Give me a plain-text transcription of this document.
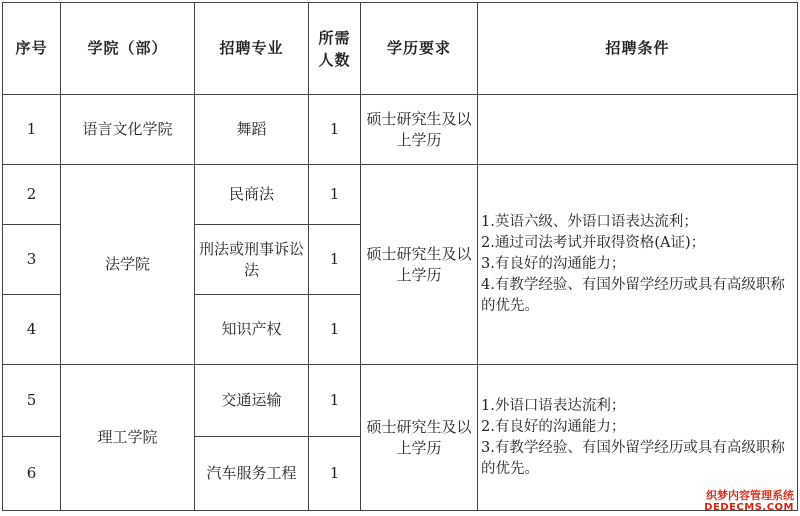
序号	学院（部）	招聘专业	所需人数	学历要求	招聘条件
1	语言文化学院	舞蹈	1	硕士研究生及以上学历	

2	法学院	民商法	1	硕士研究生及以上学历	1.英语六级、外语口语表达流利；
2.通过司法考试并取得资格(A证)；
3.有良好的沟通能力；
4.有教学经验、有国外留学经历或具有高级职称的优先。

3		刑法或刑事诉讼法	1		
4		知识产权	1		
5	理工学院	交通运输	1	硕士研究生及以上学历	1.外语口语表达流利；
2.有良好的沟通能力；
3.有教学经验、有国外留学经历或具有高级职称的优先。

6		汽车服务工程	1		
织梦内容管理系统
DEDECMS.COM
